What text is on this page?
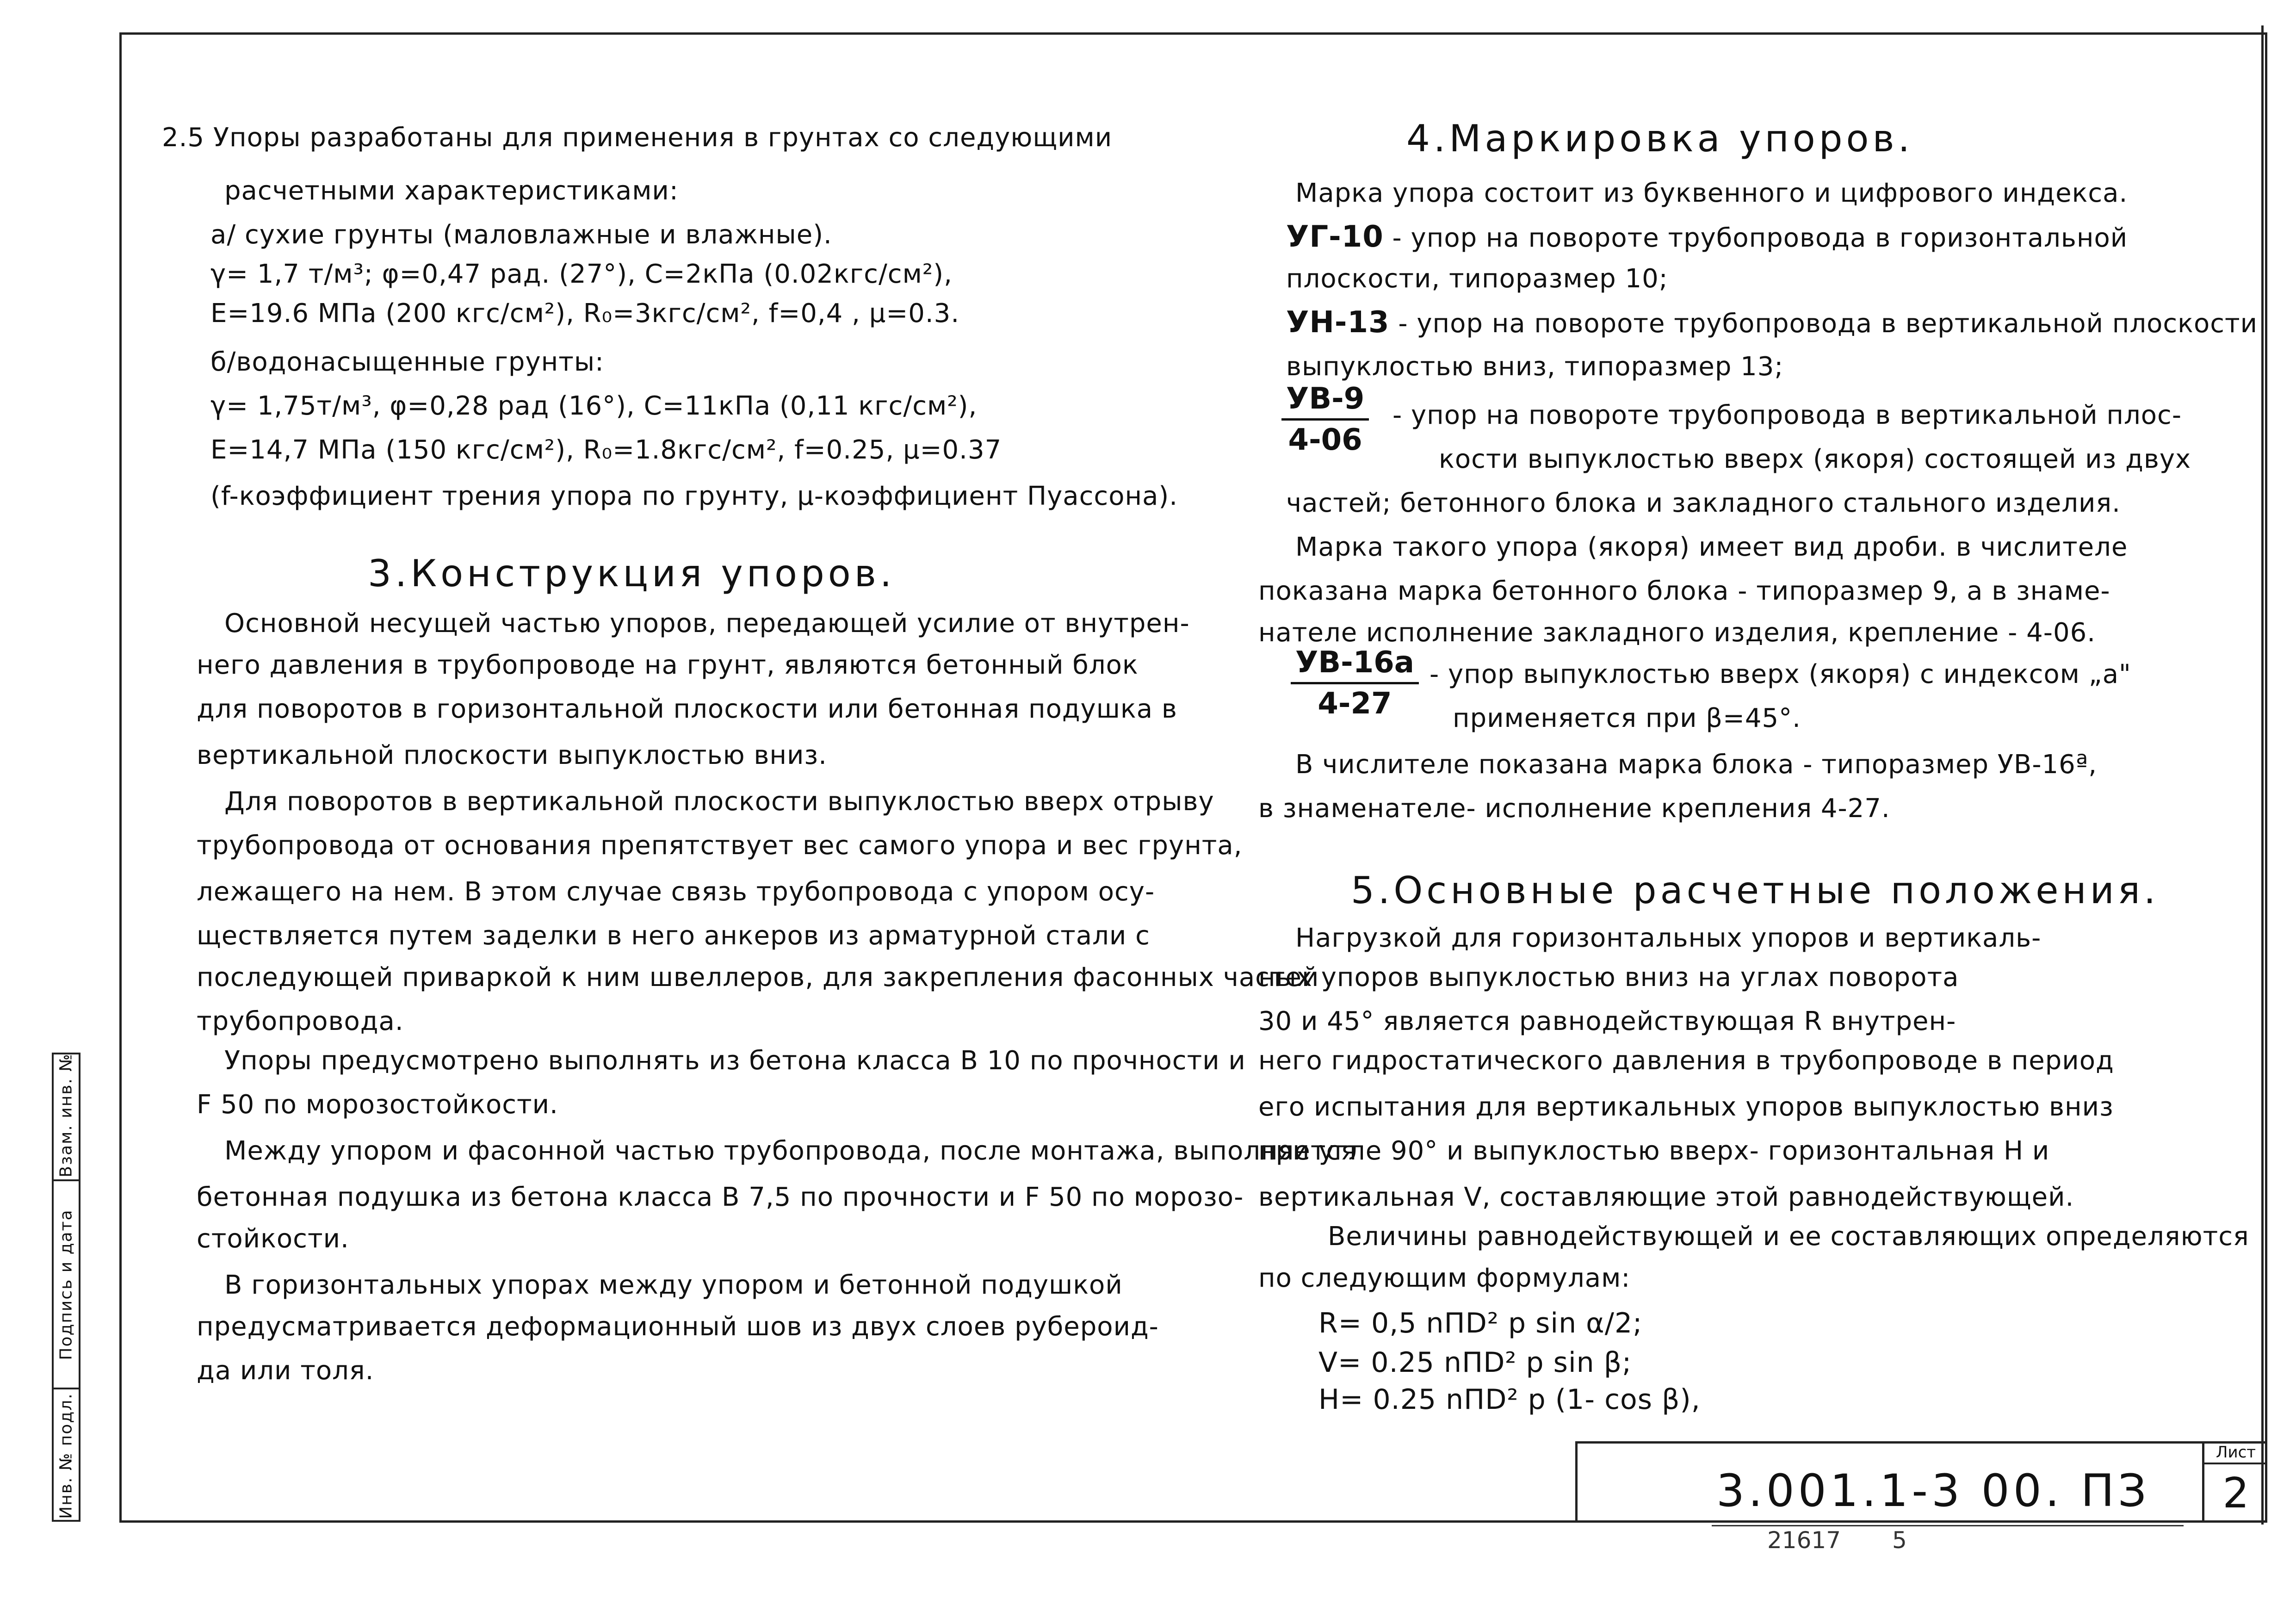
Взам. инв. №
Подпись и дата
Инв. № подл.
2.5 Упоры разработаны для применения в грунтах со следующими
расчетными характеристиками:
а/ сухие грунты (маловлажные и влажные).
γ= 1,7 т/м³; φ=0,47 рад. (27°), С=2кПа (0.02кгс/см²),
Е=19.6 МПа (200 кгс/см²), R₀=3кгс/см², f=0,4 , μ=0.3.
б/водонасыщенные грунты:
γ= 1,75т/м³, φ=0,28 рад (16°), С=11кПа (0,11 кгс/см²),
Е=14,7 МПа (150 кгс/см²), R₀=1.8кгс/см², f=0.25, μ=0.37
(f-коэффициент трения упора по грунту, μ-коэффициент Пуассона).
3.Конструкция упоров.
Основной несущей частью упоров, передающей усилие от внутрен-
него давления в трубопроводе на грунт, являются бетонный блок
для поворотов в горизонтальной плоскости или бетонная подушка в
вертикальной плоскости выпуклостью вниз.
Для поворотов в вертикальной плоскости выпуклостью вверх отрыву
трубопровода от основания препятствует вес самого упора и вес грунта,
лежащего на нем. В этом случае связь трубопровода с упором осу-
ществляется путем заделки в него анкеров из арматурной стали с
последующей приваркой к ним швеллеров, для закрепления фасонных частей
трубопровода.
Упоры предусмотрено выполнять из бетона класса В 10 по прочности и
F 50 по морозостойкости.
Между упором и фасонной частью трубопровода, после монтажа, выполняется
бетонная подушка из бетона класса В 7,5 по прочности и F 50 по морозо-
стойкости.
В горизонтальных упорах между упором и бетонной подушкой
предусматривается деформационный шов из двух слоев рубероид-
да или толя.
4.Маркировка упоров.
Марка упора состоит из буквенного и цифрового индекса.
УГ-10 - упор на повороте трубопровода в горизонтальной
плоскости, типоразмер 10;
УН-13 - упор на повороте трубопровода в вертикальной плоскости
выпуклостью вниз, типоразмер 13;
УВ-9
4-06
- упор на повороте трубопровода в вертикальной плос-
кости выпуклостью вверх (якоря) состоящей из двух
частей; бетонного блока и закладного стального изделия.
Марка такого упора (якоря) имеет вид дроби. в числителе
показана марка бетонного блока - типоразмер 9, а в знаме-
нателе исполнение закладного изделия, крепление - 4-06.
УВ-16а
4-27
- упор выпуклостью вверх (якоря) с индексом „а"
применяется при β=45°.
В числителе показана марка блока - типоразмер УВ-16ª,
в знаменателе- исполнение крепления 4-27.
5.Основные расчетные положения.
Нагрузкой для горизонтальных упоров и вертикаль-
ных упоров выпуклостью вниз на углах поворота
30 и 45° является равнодействующая R внутрен-
него гидростатического давления в трубопроводе в период
его испытания для вертикальных упоров выпуклостью вниз
при угле 90° и выпуклостью вверх- горизонтальная Н и
вертикальная V, составляющие этой равнодействующей.
Величины равнодействующей и ее составляющих определяются
по следующим формулам:
R= 0,5 nПD² p sin α/2;
V= 0.25 nПD² p sin β;
H= 0.25 nПD² p (1- cos β),
3.001.1-3 00. ПЗ
Лист
2
21617 5
